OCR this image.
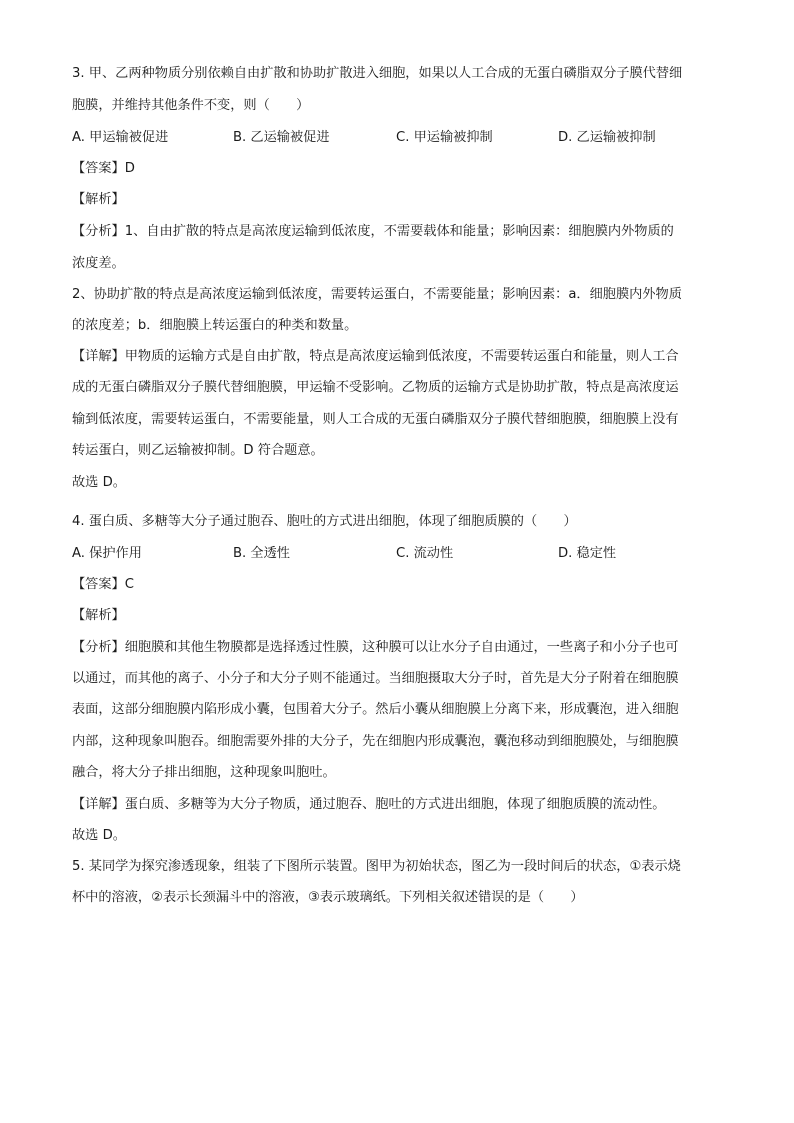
3. 甲、乙两种物质分别依赖自由扩散和协助扩散进入细胞，如果以人工合成的无蛋白磷脂双分子膜代替细
胞膜，并维持其他条件不变，则（　　）
A. 甲运输被促进	B. 乙运输被促进	C. 甲运输被抑制	D. 乙运输被抑制
【答案】D
【解析】
【分析】1、自由扩散的特点是高浓度运输到低浓度，不需要载体和能量；影响因素：细胞膜内外物质的
浓度差。
2、协助扩散的特点是高浓度运输到低浓度，需要转运蛋白，不需要能量；影响因素：a．细胞膜内外物质
的浓度差；b．细胞膜上转运蛋白的种类和数量。
【详解】甲物质的运输方式是自由扩散，特点是高浓度运输到低浓度，不需要转运蛋白和能量，则人工合
成的无蛋白磷脂双分子膜代替细胞膜，甲运输不受影响。乙物质的运输方式是协助扩散，特点是高浓度运
输到低浓度，需要转运蛋白，不需要能量，则人工合成的无蛋白磷脂双分子膜代替细胞膜，细胞膜上没有
转运蛋白，则乙运输被抑制。D 符合题意。
故选 D。
4. 蛋白质、多糖等大分子通过胞吞、胞吐的方式进出细胞，体现了细胞质膜的（　　）
A. 保护作用	B. 全透性	C. 流动性	D. 稳定性
【答案】C
【解析】
【分析】细胞膜和其他生物膜都是选择透过性膜，这种膜可以让水分子自由通过，一些离子和小分子也可
以通过，而其他的离子、小分子和大分子则不能通过。当细胞摄取大分子时，首先是大分子附着在细胞膜
表面，这部分细胞膜内陷形成小囊，包围着大分子。然后小囊从细胞膜上分离下来，形成囊泡，进入细胞
内部，这种现象叫胞吞。细胞需要外排的大分子，先在细胞内形成囊泡，囊泡移动到细胞膜处，与细胞膜
融合，将大分子排出细胞，这种现象叫胞吐。
【详解】蛋白质、多糖等为大分子物质，通过胞吞、胞吐的方式进出细胞，体现了细胞质膜的流动性。
故选 D。
5. 某同学为探究渗透现象，组装了下图所示装置。图甲为初始状态，图乙为一段时间后的状态，①表示烧
杯中的溶液，②表示长颈漏斗中的溶液，③表示玻璃纸。下列相关叙述错误的是（　　）
